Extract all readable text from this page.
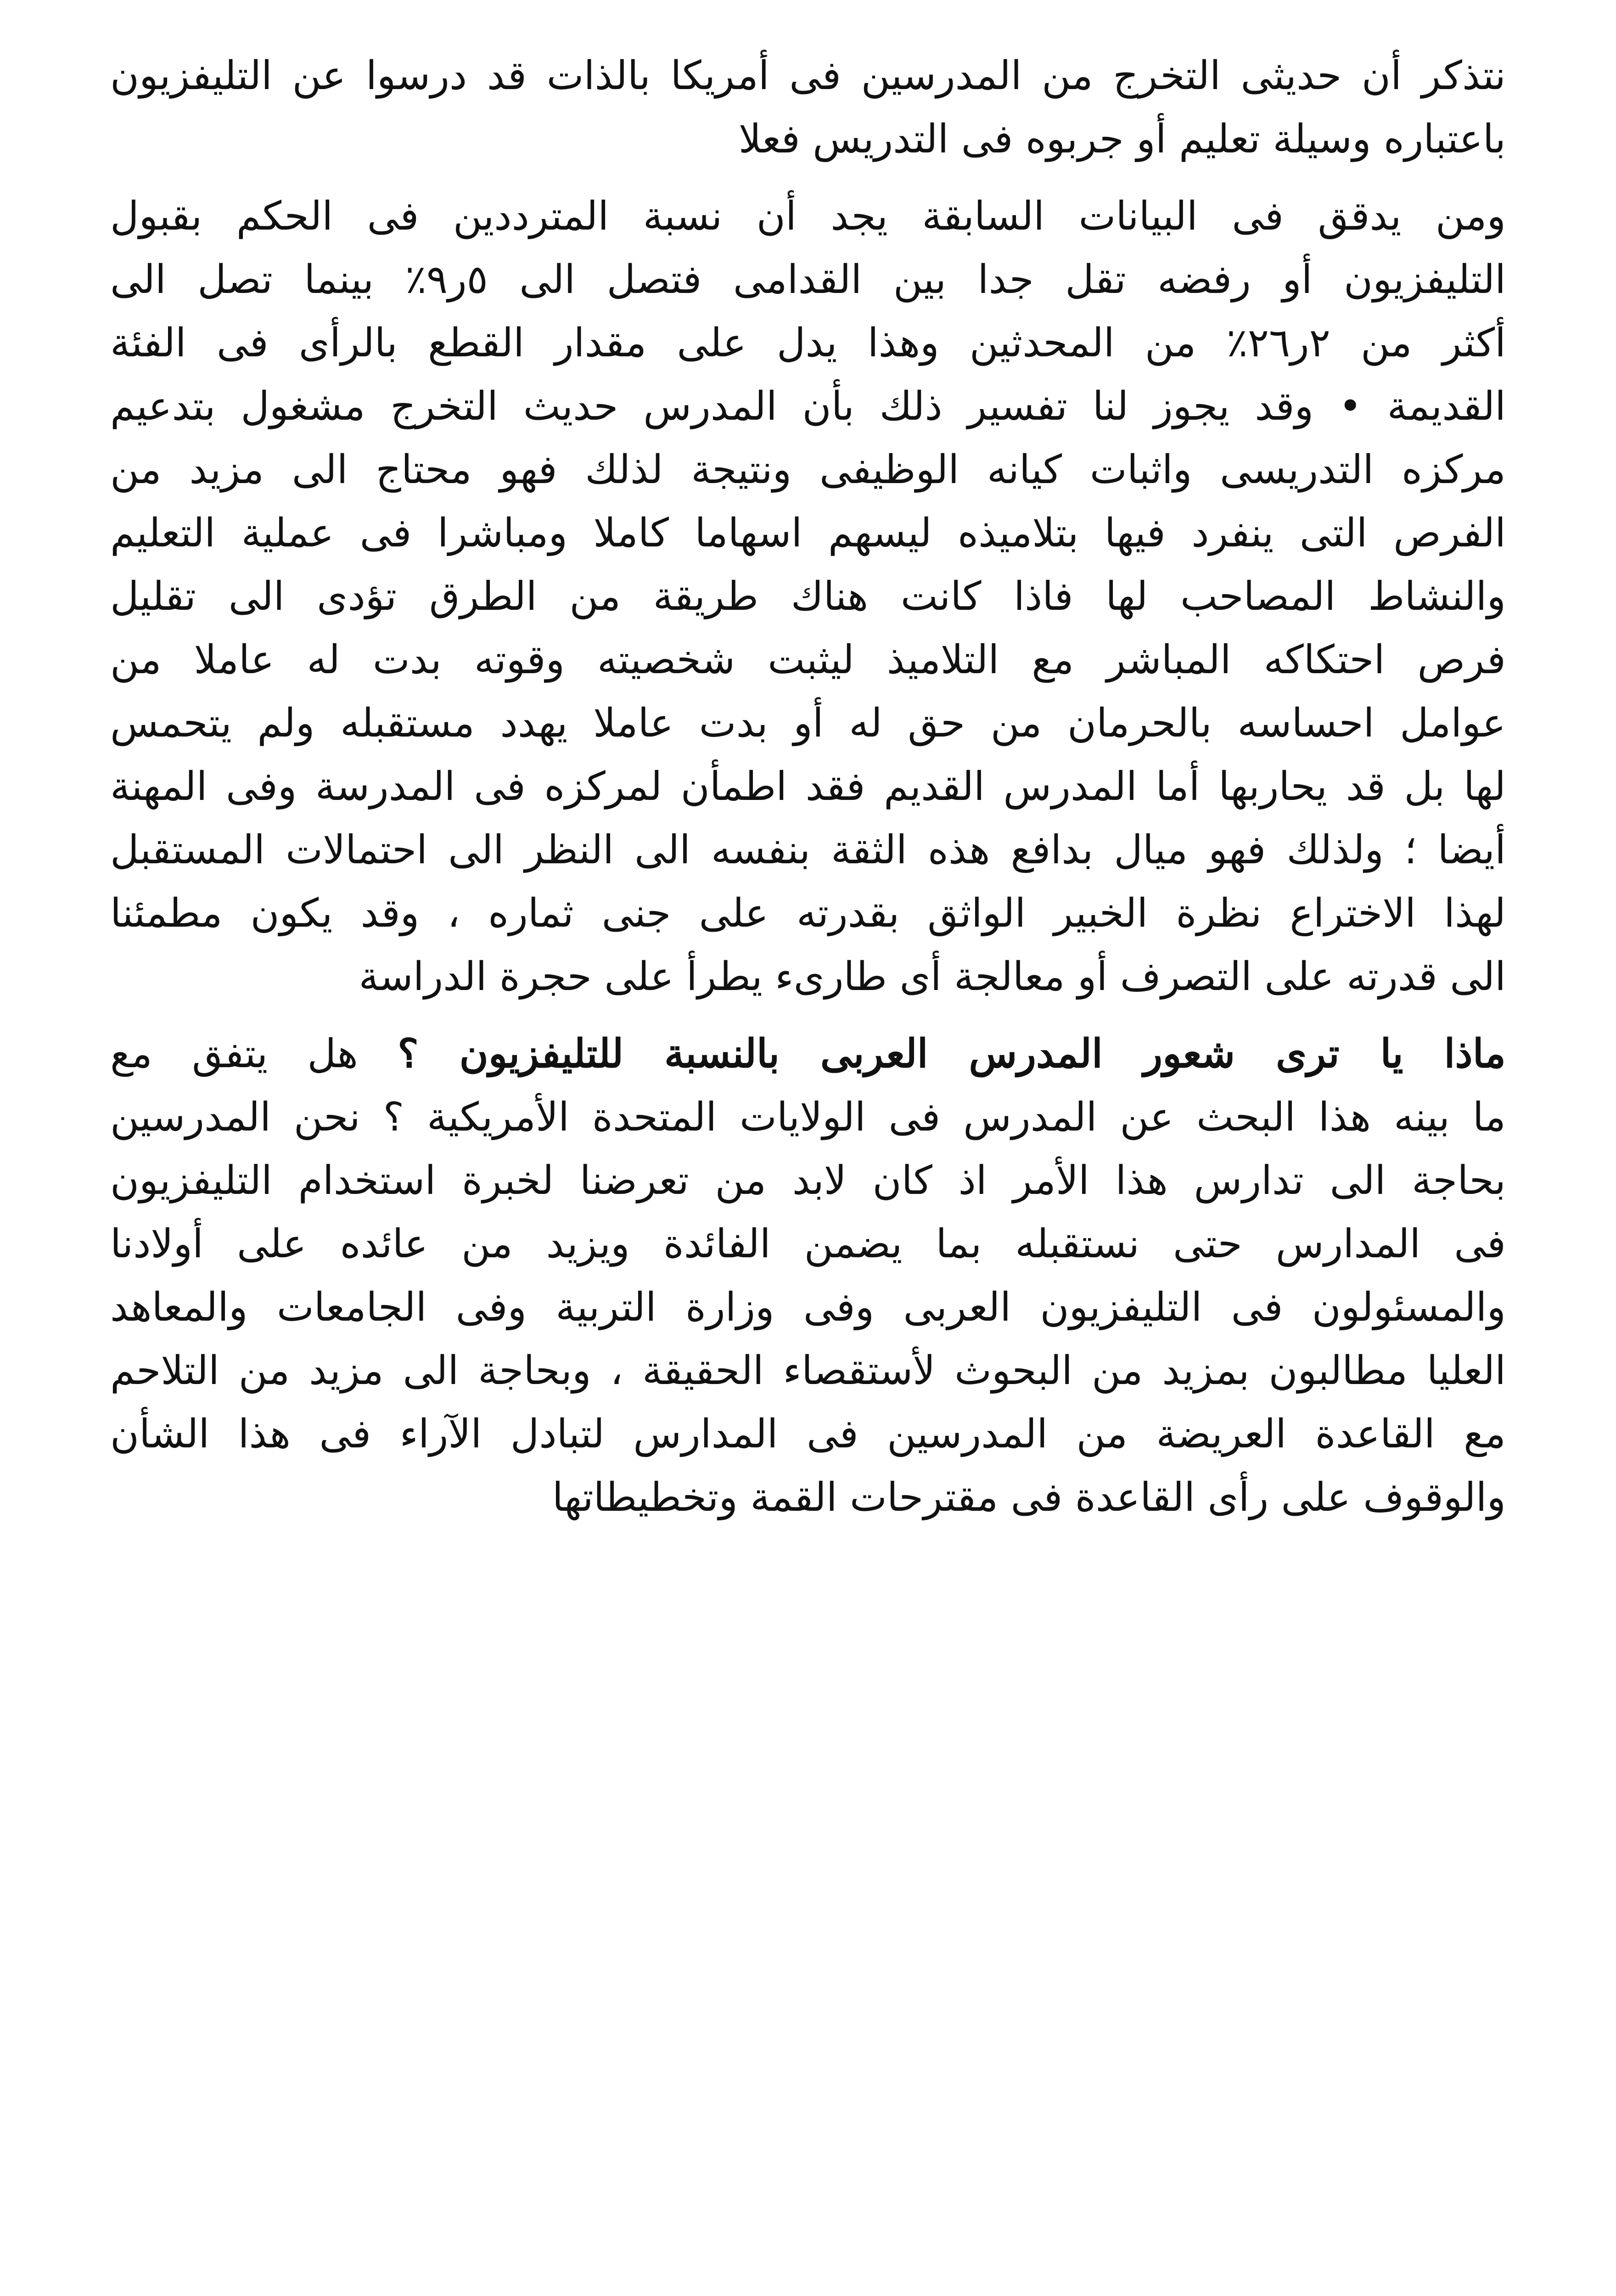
نتذكر أن حديثى التخرج من المدرسين فى أمريكا بالذات قد درسوا عن التليفزيون
باعتباره وسيلة تعليم أو جربوه فى التدريس فعلا

ومن يدقق فى البيانات السابقة يجد أن نسبة المترددين فى الحكم بقبول
التليفزيون أو رفضه تقل جدا بين القدامى فتصل الى ٥ر٩٪ بينما تصل الى
أكثر من ٢ر٢٦٪ من المحدثين وهذا يدل على مقدار القطع بالرأى فى الفئة
القديمة • وقد يجوز لنا تفسير ذلك بأن المدرس حديث التخرج مشغول بتدعيم
مركزه التدريسى واثبات كيانه الوظيفى ونتيجة لذلك فهو محتاج الى مزيد من
الفرص التى ينفرد فيها بتلاميذه ليسهم اسهاما كاملا ومباشرا فى عملية التعليم
والنشاط المصاحب لها فاذا كانت هناك طريقة من الطرق تؤدى الى تقليل
فرص احتكاكه المباشر مع التلاميذ ليثبت شخصيته وقوته بدت له عاملا من
عوامل احساسه بالحرمان من حق له أو بدت عاملا يهدد مستقبله ولم يتحمس
لها بل قد يحاربها أما المدرس القديم فقد اطمأن لمركزه فى المدرسة وفى المهنة
أيضا ؛ ولذلك فهو ميال بدافع هذه الثقة بنفسه الى النظر الى احتمالات المستقبل
لهذا الاختراع نظرة الخبير الواثق بقدرته على جنى ثماره ، وقد يكون مطمئنا
الى قدرته على التصرف أو معالجة أى طارىء يطرأ على حجرة الدراسة

ماذا يا ترى شعور المدرس العربى بالنسبة للتليفزيون ؟ هل يتفق مع
ما بينه هذا البحث عن المدرس فى الولايات المتحدة الأمريكية ؟ نحن المدرسين
بحاجة الى تدارس هذا الأمر اذ كان لابد من تعرضنا لخبرة استخدام التليفزيون
فى المدارس حتى نستقبله بما يضمن الفائدة ويزيد من عائده على أولادنا
والمسئولون فى التليفزيون العربى وفى وزارة التربية وفى الجامعات والمعاهد
العليا مطالبون بمزيد من البحوث لأستقصاء الحقيقة ، وبحاجة الى مزيد من التلاحم
مع القاعدة العريضة من المدرسين فى المدارس لتبادل الآراء فى هذا الشأن
والوقوف على رأى القاعدة فى مقترحات القمة وتخطيطاتها
